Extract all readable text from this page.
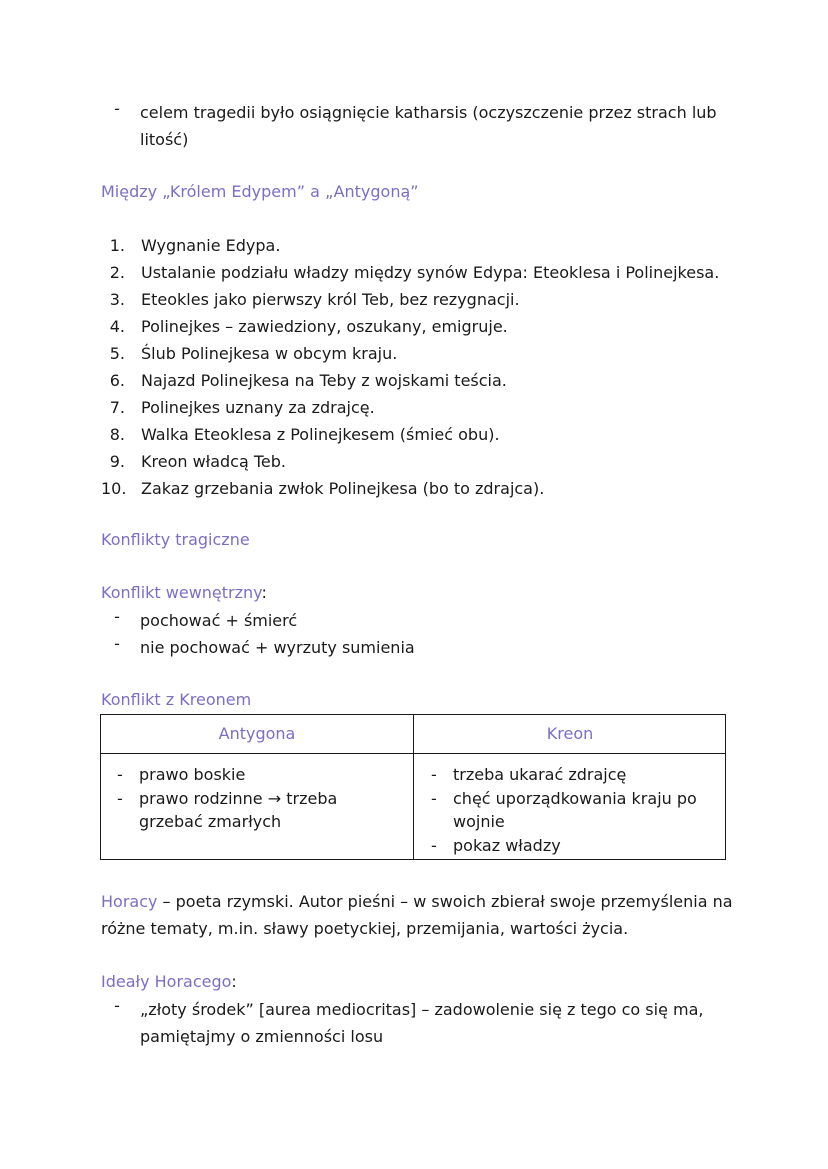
- celem tragedii było osiągnięcie katharsis (oczyszczenie przez strach lub litość)
Między „Królem Edypem” a „Antygoną”
1. Wygnanie Edypa.
2. Ustalanie podziału władzy między synów Edypa: Eteoklesa i Polinejkesa.
3. Eteokles jako pierwszy król Teb, bez rezygnacji.
4. Polinejkes – zawiedziony, oszukany, emigruje.
5. Ślub Polinejkesa w obcym kraju.
6. Najazd Polinejkesa na Teby z wojskami teścia.
7. Polinejkes uznany za zdrajcę.
8. Walka Eteoklesa z Polinejkesem (śmieć obu).
9. Kreon władcą Teb.
10. Zakaz grzebania zwłok Polinejkesa (bo to zdrajca).
Konflikty tragiczne
Konflikt wewnętrzny:
- pochować + śmierć
- nie pochować + wyrzuty sumienia
Konflikt z Kreonem
Antygona	Kreon
- prawo boskie
- prawo rodzinne → trzeba grzebać zmarłych
- trzeba ukarać zdrajcę
- chęć uporządkowania kraju po wojnie
- pokaz władzy
Horacy – poeta rzymski. Autor pieśni – w swoich zbierał swoje przemyślenia na różne tematy, m.in. sławy poetyckiej, przemijania, wartości życia.
Ideały Horacego:
- „złoty środek” [aurea mediocritas] – zadowolenie się z tego co się ma, pamiętajmy o zmienności losu
